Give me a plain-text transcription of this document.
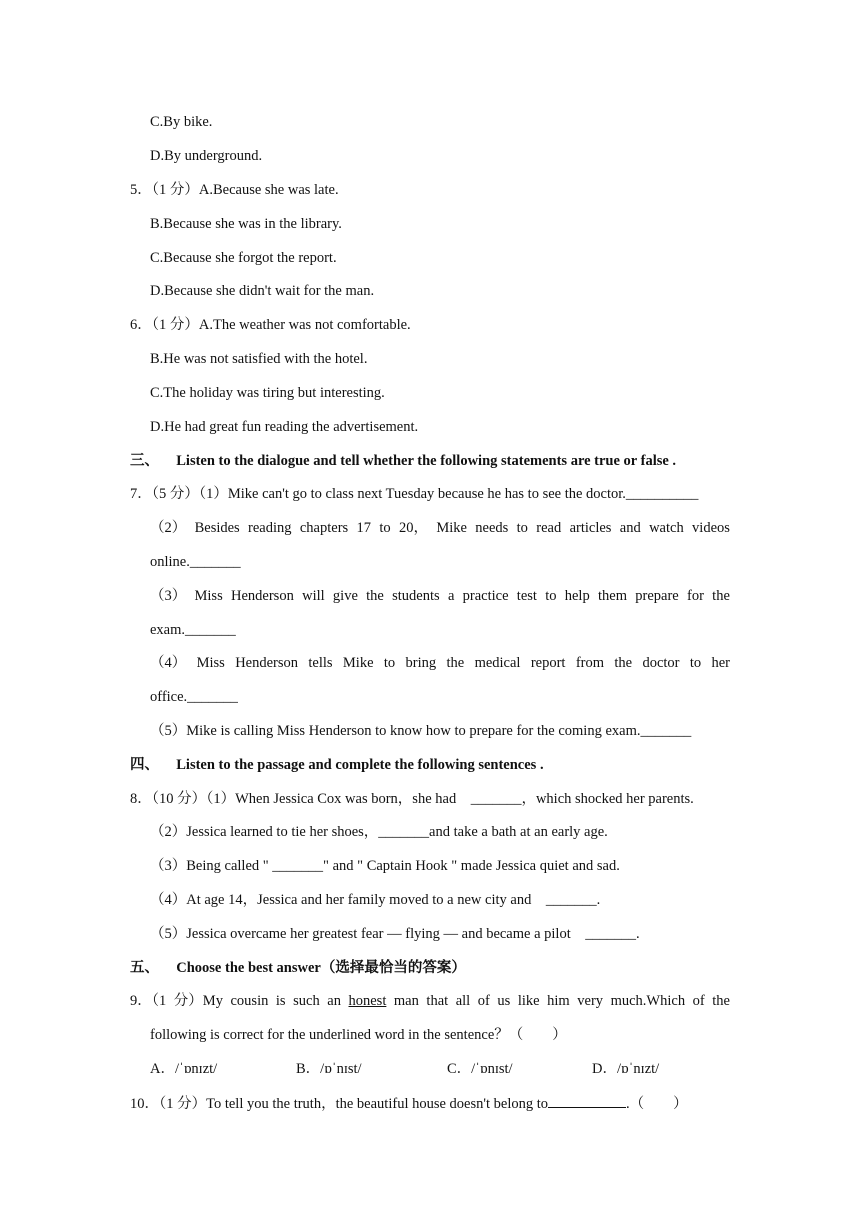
C.By bike.
D.By underground.
5．（1 分）A.Because she was late.
B.Because she was in the library.
C.Because she forgot the report.
D.Because she didn't wait for the man.
6．（1 分）A.The weather was not comfortable.
B.He was not satisfied with the hotel.
C.The holiday was tiring but interesting.
D.He had great fun reading the advertisement.
三、 Listen to the dialogue and tell whether the following statements are true or false .
7．（5 分）（1）Mike can't go to class next Tuesday because he has to see the doctor.__________
（2） Besides reading chapters 17 to 20， Mike needs to read articles and watch videos
online._______
（3） Miss Henderson will give the students a practice test to help them prepare for the
exam._______
（4） Miss Henderson tells Mike to bring the medical report from the doctor to her
office._______
（5）Mike is calling Miss Henderson to know how to prepare for the coming exam._______
四、 Listen to the passage and complete the following sentences .
8．（10 分）（1）When Jessica Cox was born，she had　_______，which shocked her parents.
（2）Jessica learned to tie her shoes，_______and take a bath at an early age.
（3）Being called " _______" and " Captain Hook " made Jessica quiet and sad.
（4）At age 14，Jessica and her family moved to a new city and　_______.
（5）Jessica overcame her greatest fear — flying — and became a pilot　_______.
五、 Choose the best answer（选择最恰当的答案）
9．（1 分）My cousin is such an honest man that all of us like him very much.Which of the
following is correct for the underlined word in the sentence？（　　）
A．/ˈɒnɪzt/	B．/ɒˈnɪst/	C．/ˈɒnɪst/	D．/ɒˈnɪzt/
10．（1 分）To tell you the truth，the beautiful house doesn't belong to	.（　　）
